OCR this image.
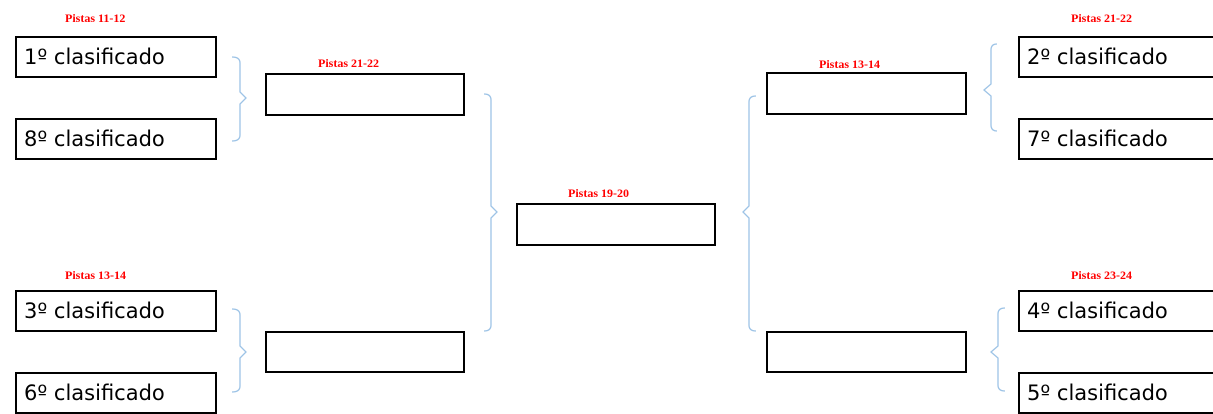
Pistas 11-12
1º clasificado
8º clasificado
Pistas 13-14
3º clasificado
6º clasificado
Pistas 21-22
Pistas 19-20
Pistas 13-14
Pistas 21-22
2º clasificado
7º clasificado
Pistas 23-24
4º clasificado
5º clasificado
